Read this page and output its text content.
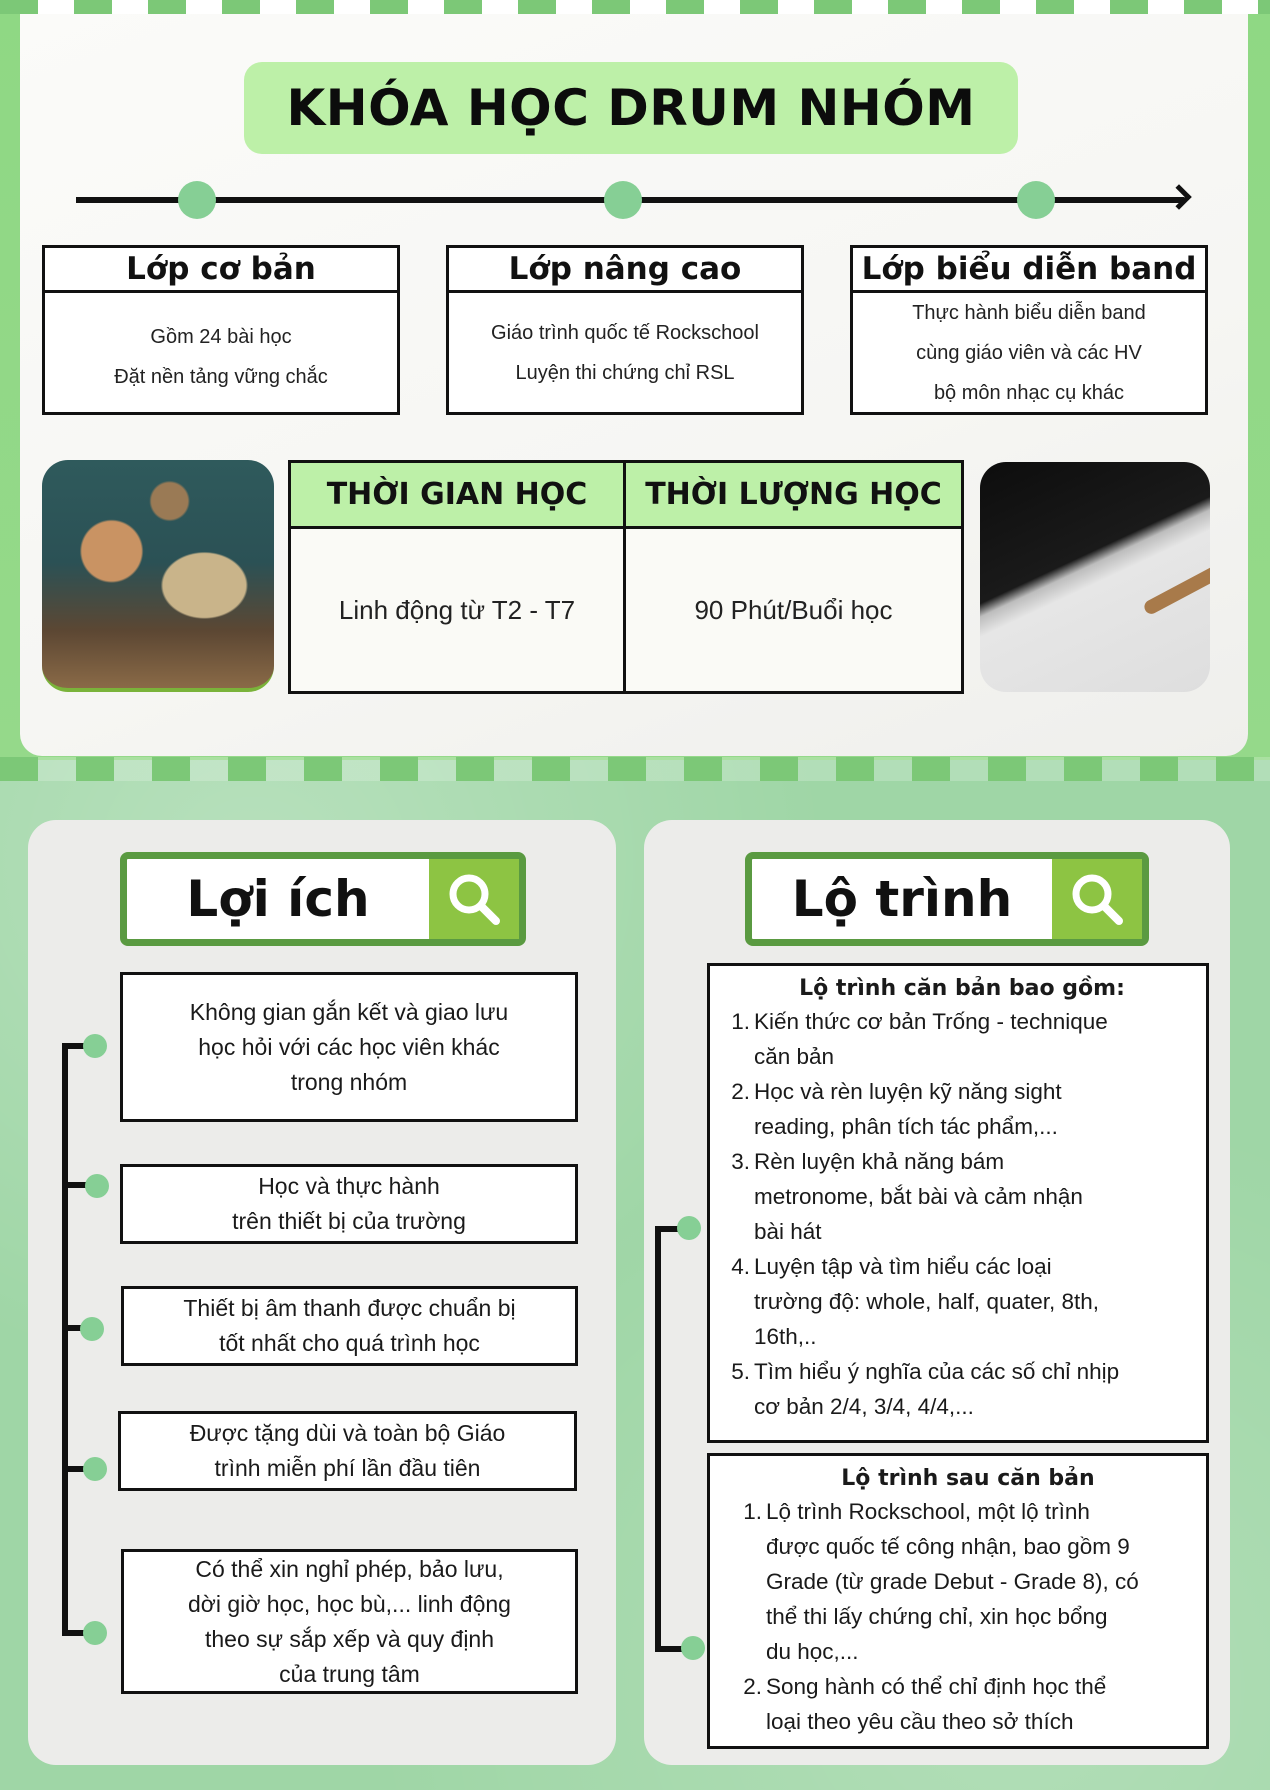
KHÓA HỌC DRUM NHÓM
Lớp cơ bản
Gồm 24 bài học
Đặt nền tảng vững chắc
Lớp nâng cao
Giáo trình quốc tế Rockschool
Luyện thi chứng chỉ RSL
Lớp biểu diễn band
Thực hành biểu diễn band
cùng giáo viên và các HV
bộ môn nhạc cụ khác
THỜI GIAN HỌC
Linh động từ T2 - T7
THỜI LƯỢNG HỌC
90 Phút/Buổi học
Lợi ích
Không gian gắn kết và giao lưu
học hỏi với các học viên khác
trong nhóm
Học và thực hành
trên thiết bị của trường
Thiết bị âm thanh được chuẩn bị
tốt nhất cho quá trình học
Được tặng dùi và toàn bộ Giáo
trình miễn phí lần đầu tiên
Có thể xin nghỉ phép, bảo lưu,
dời giờ học, học bù,... linh động
theo sự sắp xếp và quy định
của trung tâm
Lộ trình
Lộ trình căn bản bao gồm:
1. Kiến thức cơ bản Trống - technique
căn bản
2. Học và rèn luyện kỹ năng sight
reading, phân tích tác phẩm,...
3. Rèn luyện khả năng bám
metronome, bắt bài và cảm nhận
bài hát
4. Luyện tập và tìm hiểu các loại
trường độ: whole, half, quater, 8th,
16th,..
5. Tìm hiểu ý nghĩa của các số chỉ nhịp
cơ bản 2/4, 3/4, 4/4,...
Lộ trình sau căn bản
1. Lộ trình Rockschool, một lộ trình
được quốc tế công nhận, bao gồm 9
Grade (từ grade Debut - Grade 8), có
thể thi lấy chứng chỉ, xin học bổng
du học,...
2. Song hành có thể chỉ định học thể
loại theo yêu cầu theo sở thích
